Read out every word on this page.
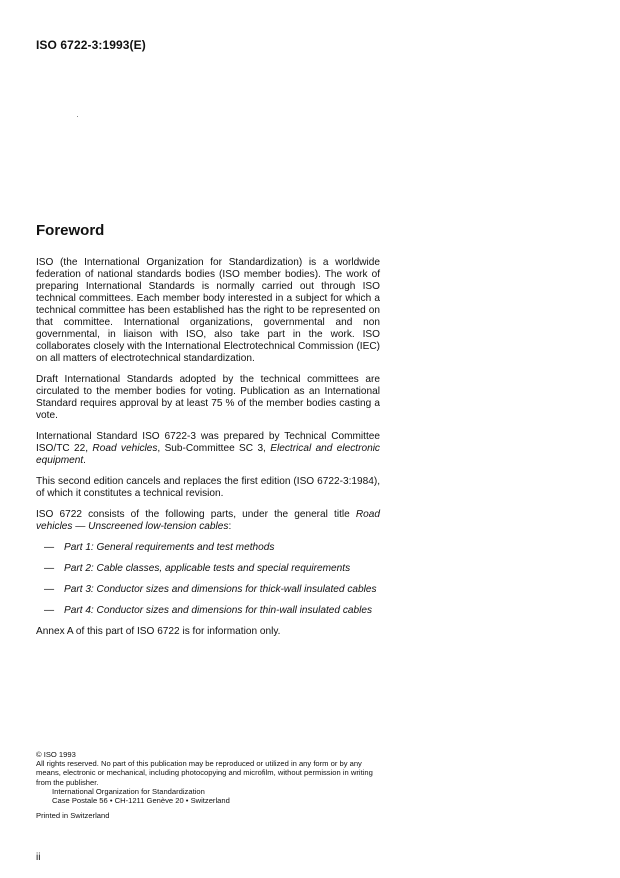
ISO 6722-3:1993(E)
Foreword

ISO (the International Organization for Standardization) is a worldwide federation of national standards bodies (ISO member bodies). The work of preparing International Standards is normally carried out through ISO technical committees. Each member body interested in a subject for which a technical committee has been established has the right to be represented on that committee. International organizations, governmental and non governmental, in liaison with ISO, also take part in the work. ISO collaborates closely with the International Electrotechnical Commission (IEC) on all matters of electrotechnical standardization.

Draft International Standards adopted by the technical committees are circulated to the member bodies for voting. Publication as an International Standard requires approval by at least 75 % of the member bodies casting a vote.

International Standard ISO 6722-3 was prepared by Technical Committee ISO/TC 22, Road vehicles, Sub-Committee SC 3, Electrical and electronic equipment.

This second edition cancels and replaces the first edition (ISO 6722-3:1984), of which it constitutes a technical revision.

ISO 6722 consists of the following parts, under the general title Road vehicles — Unscreened low-tension cables:

— Part 1: General requirements and test methods
— Part 2: Cable classes, applicable tests and special requirements
— Part 3: Conductor sizes and dimensions for thick-wall insulated cables
— Part 4: Conductor sizes and dimensions for thin-wall insulated cables

Annex A of this part of ISO 6722 is for information only.

© ISO 1993
All rights reserved. No part of this publication may be reproduced or utilized in any form or by any means, electronic or mechanical, including photocopying and microfilm, without permission in writing from the publisher.
International Organization for Standardization
Case Postale 56 • CH-1211 Genève 20 • Switzerland
Printed in Switzerland
ii
